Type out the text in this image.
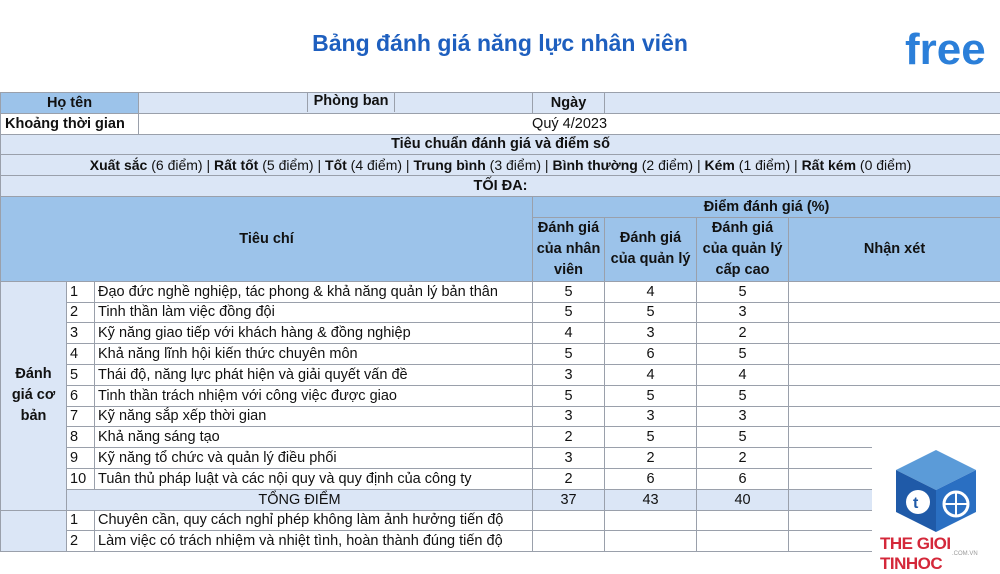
Bảng đánh giá năng lực nhân viên	free
Họ tên			Phòng ban	Ngày			
Khoảng thời gian			Quý 4/2023				
Tiêu chuẩn đánh giá và điểm số							
Xuất sắc (6 điểm) | Rất tốt (5 điểm) | Tốt (4 điểm) | Trung bình (3 điểm) | Bình thường (2 điểm) | Kém (1 điểm) | Rất kém (0 điểm)							
TỐI ĐA:							
Tiêu chí				Điểm đánh giá (%)			
				Đánh giá của nhân viên	Đánh giá của quản lý	Đánh giá của quản lý cấp cao	Nhận xét
Đánh giá cơ bản	1	Đạo đức nghề nghiệp, tác phong & khả năng quản lý bản thân		5	4	5	
	2	Tinh thần làm việc đồng đội		5	5	3	
	3	Kỹ năng giao tiếp với khách hàng & đồng nghiệp		4	3	2	
	4	Khả năng lĩnh hội kiến thức chuyên môn		5	6	5	
	5	Thái độ, năng lực phát hiện và giải quyết vấn đề		3	4	4	
	6	Tinh thần trách nhiệm với công việc được giao		5	5	5	
	7	Kỹ năng sắp xếp thời gian		3	3	3	
	8	Khả năng sáng tạo		2	5	5	
	9	Kỹ năng tổ chức và quản lý điều phối		3	2	2	
	10	Tuân thủ pháp luật và các nội quy và quy định của công ty		2	6	6	
	TỔNG ĐIỂM			37	43	40	
	1	Chuyên cần, quy cách nghỉ phép không làm ảnh hưởng tiến độ					
	2	Làm việc có trách nhiệm và nhiệt tình, hoàn thành đúng tiến độ					
t
THE GIOI TINHOC	.COM.VN
